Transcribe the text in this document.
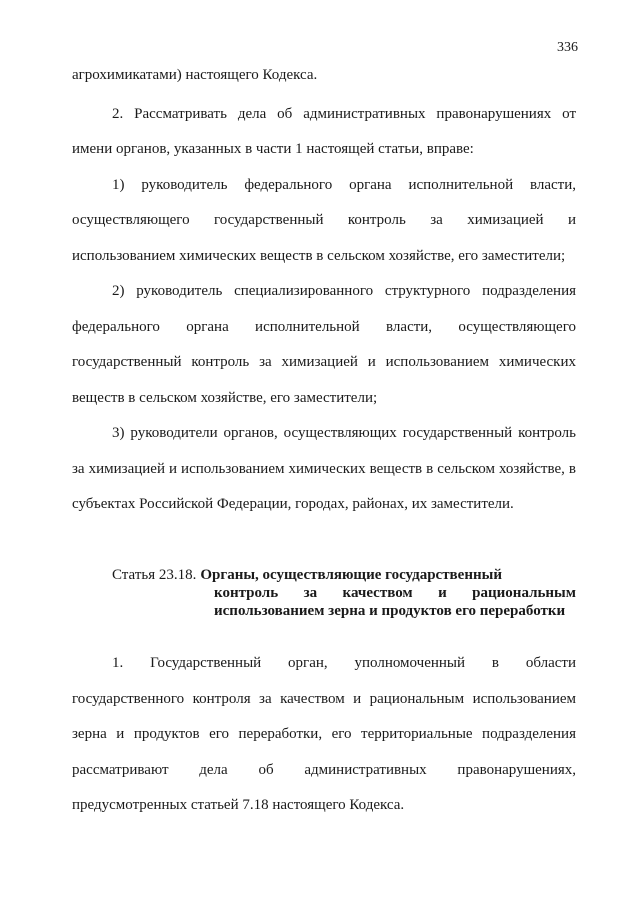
336

агрохимикатами) настоящего Кодекса.

2. Рассматривать дела об административных правонарушениях от имени органов, указанных в части 1 настоящей статьи, вправе:

1) руководитель федерального органа исполнительной власти, осуществляющего государственный контроль за химизацией и использованием химических веществ в сельском хозяйстве, его заместители;

2) руководитель специализированного структурного подразделения федерального органа исполнительной власти, осуществляющего государственный контроль за химизацией и использованием химических веществ в сельском хозяйстве, его заместители;

3) руководители органов, осуществляющих государственный контроль за химизацией и использованием химических веществ в сельском хозяйстве, в субъектах Российской Федерации, городах, районах, их заместители.

Статья 23.18. Органы, осуществляющие государственный
контроль за качеством и рациональным
использованием зерна и продуктов его переработки

1. Государственный орган, уполномоченный в области государственного контроля за качеством и рациональным использованием зерна и продуктов его переработки, его территориальные подразделения рассматривают дела об административных правонарушениях, предусмотренных статьей 7.18 настоящего Кодекса.
